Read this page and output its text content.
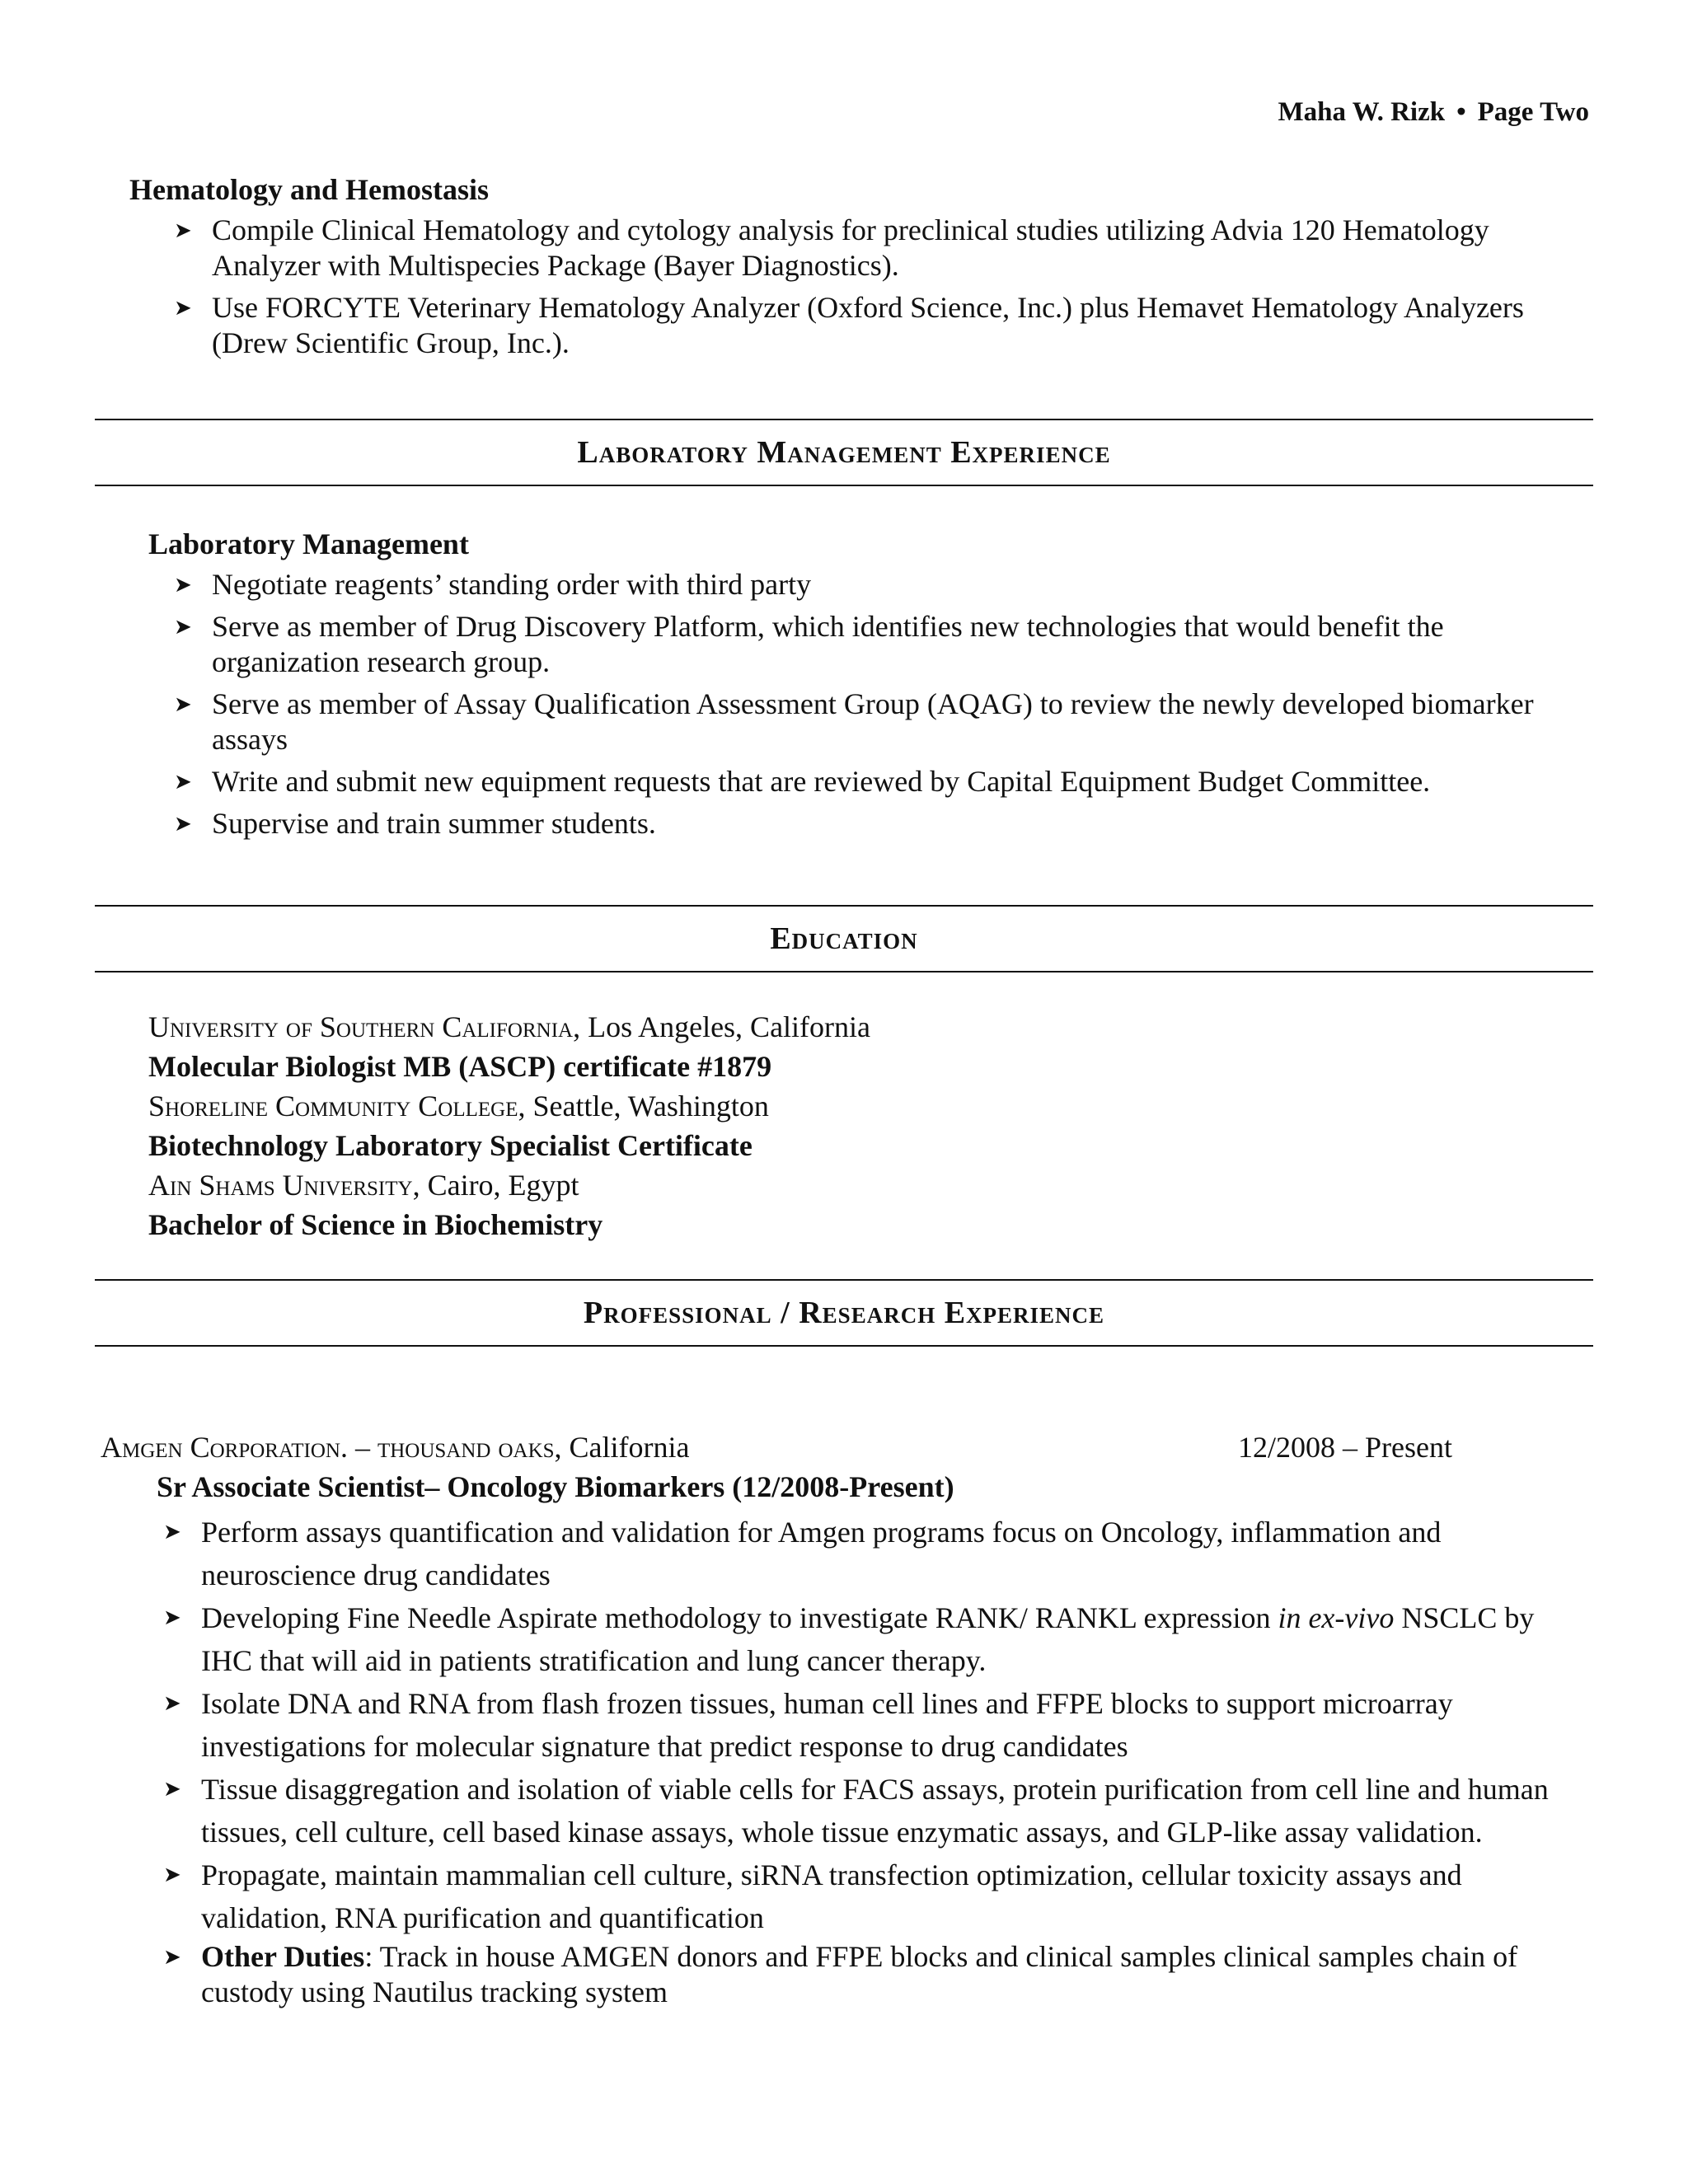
Maha W. Rizk • Page Two
Hematology and Hemostasis
➤ Compile Clinical Hematology and cytology analysis for preclinical studies utilizing Advia 120 Hematology Analyzer with Multispecies Package (Bayer Diagnostics).
➤ Use FORCYTE Veterinary Hematology Analyzer (Oxford Science, Inc.) plus Hemavet Hematology Analyzers (Drew Scientific Group, Inc.).
Laboratory Management Experience
Laboratory Management
➤ Negotiate reagents’ standing order with third party
➤ Serve as member of Drug Discovery Platform, which identifies new technologies that would benefit the organization research group.
➤ Serve as member of Assay Qualification Assessment Group (AQAG) to review the newly developed biomarker assays
➤ Write and submit new equipment requests that are reviewed by Capital Equipment Budget Committee.
➤ Supervise and train summer students.
Education
University of Southern California, Los Angeles, California
Molecular Biologist MB (ASCP) certificate #1879
Shoreline Community College, Seattle, Washington
Biotechnology Laboratory Specialist Certificate
Ain Shams University, Cairo, Egypt
Bachelor of Science in Biochemistry
Professional / Research Experience
Amgen Corporation. – thousand oaks, California	12/2008 – Present
Sr Associate Scientist– Oncology Biomarkers (12/2008-Present)
➤ Perform assays quantification and validation for Amgen programs focus on Oncology, inflammation and neuroscience drug candidates
➤ Developing Fine Needle Aspirate methodology to investigate RANK/ RANKL expression in ex-vivo NSCLC by IHC that will aid in patients stratification and lung cancer therapy.
➤ Isolate DNA and RNA from flash frozen tissues, human cell lines and FFPE blocks to support microarray investigations for molecular signature that predict response to drug candidates
➤ Tissue disaggregation and isolation of viable cells for FACS assays, protein purification from cell line and human tissues, cell culture, cell based kinase assays, whole tissue enzymatic assays, and GLP-like assay validation.
➤ Propagate, maintain mammalian cell culture, siRNA transfection optimization, cellular toxicity assays and validation, RNA purification and quantification
➤ Other Duties: Track in house AMGEN donors and FFPE blocks and clinical samples clinical samples chain of custody using Nautilus tracking system
